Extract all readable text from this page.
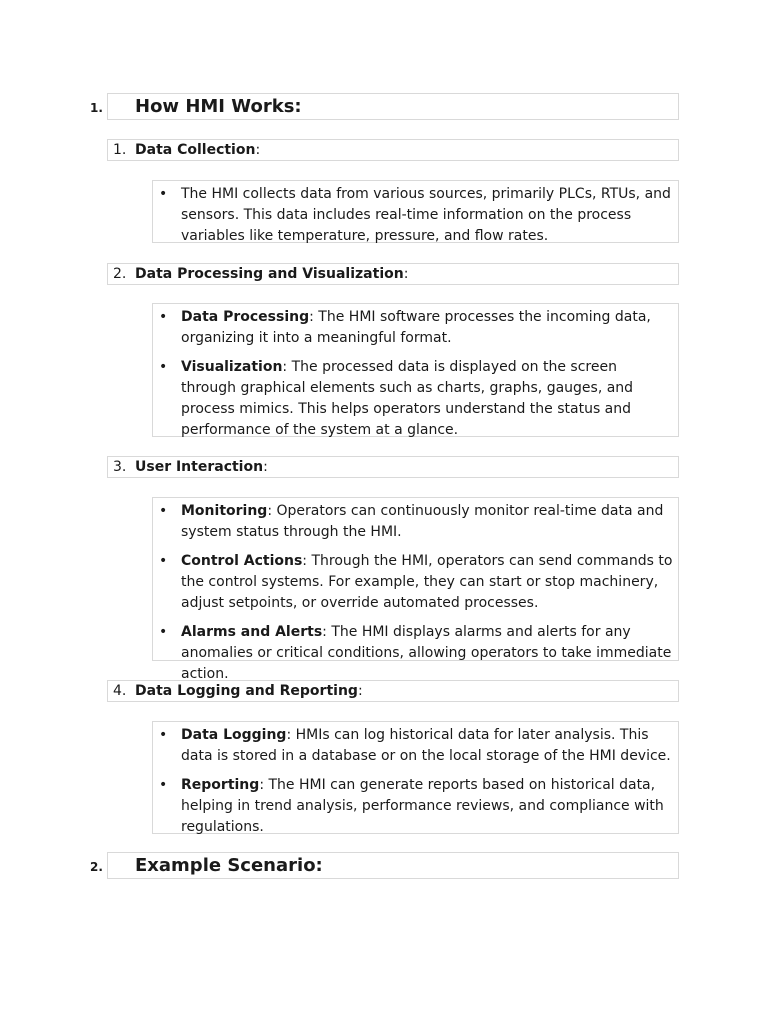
1. How HMI Works:
1. Data Collection:
• The HMI collects data from various sources, primarily PLCs, RTUs, and sensors. This data includes real-time information on the process variables like temperature, pressure, and flow rates.
2. Data Processing and Visualization:
• Data Processing: The HMI software processes the incoming data, organizing it into a meaningful format.
• Visualization: The processed data is displayed on the screen through graphical elements such as charts, graphs, gauges, and process mimics. This helps operators understand the status and performance of the system at a glance.
3. User Interaction:
• Monitoring: Operators can continuously monitor real-time data and system status through the HMI.
• Control Actions: Through the HMI, operators can send commands to the control systems. For example, they can start or stop machinery, adjust setpoints, or override automated processes.
• Alarms and Alerts: The HMI displays alarms and alerts for any anomalies or critical conditions, allowing operators to take immediate action.
4. Data Logging and Reporting:
• Data Logging: HMIs can log historical data for later analysis. This data is stored in a database or on the local storage of the HMI device.
• Reporting: The HMI can generate reports based on historical data, helping in trend analysis, performance reviews, and compliance with regulations.
2. Example Scenario:
